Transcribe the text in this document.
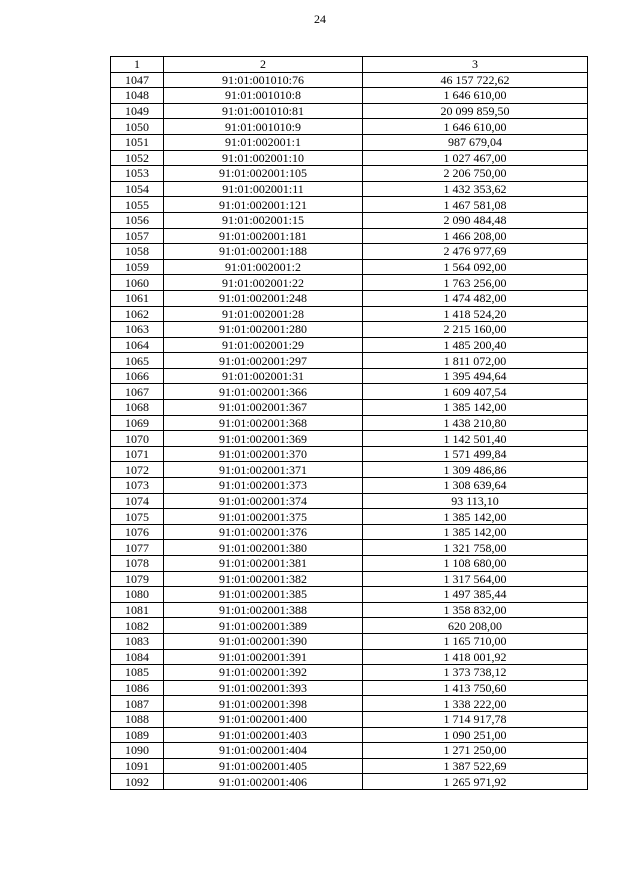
24
1	2	3
1047	91:01:001010:76	46 157 722,62
1048	91:01:001010:8	1 646 610,00
1049	91:01:001010:81	20 099 859,50
1050	91:01:001010:9	1 646 610,00
1051	91:01:002001:1	987 679,04
1052	91:01:002001:10	1 027 467,00
1053	91:01:002001:105	2 206 750,00
1054	91:01:002001:11	1 432 353,62
1055	91:01:002001:121	1 467 581,08
1056	91:01:002001:15	2 090 484,48
1057	91:01:002001:181	1 466 208,00
1058	91:01:002001:188	2 476 977,69
1059	91:01:002001:2	1 564 092,00
1060	91:01:002001:22	1 763 256,00
1061	91:01:002001:248	1 474 482,00
1062	91:01:002001:28	1 418 524,20
1063	91:01:002001:280	2 215 160,00
1064	91:01:002001:29	1 485 200,40
1065	91:01:002001:297	1 811 072,00
1066	91:01:002001:31	1 395 494,64
1067	91:01:002001:366	1 609 407,54
1068	91:01:002001:367	1 385 142,00
1069	91:01:002001:368	1 438 210,80
1070	91:01:002001:369	1 142 501,40
1071	91:01:002001:370	1 571 499,84
1072	91:01:002001:371	1 309 486,86
1073	91:01:002001:373	1 308 639,64
1074	91:01:002001:374	93 113,10
1075	91:01:002001:375	1 385 142,00
1076	91:01:002001:376	1 385 142,00
1077	91:01:002001:380	1 321 758,00
1078	91:01:002001:381	1 108 680,00
1079	91:01:002001:382	1 317 564,00
1080	91:01:002001:385	1 497 385,44
1081	91:01:002001:388	1 358 832,00
1082	91:01:002001:389	620 208,00
1083	91:01:002001:390	1 165 710,00
1084	91:01:002001:391	1 418 001,92
1085	91:01:002001:392	1 373 738,12
1086	91:01:002001:393	1 413 750,60
1087	91:01:002001:398	1 338 222,00
1088	91:01:002001:400	1 714 917,78
1089	91:01:002001:403	1 090 251,00
1090	91:01:002001:404	1 271 250,00
1091	91:01:002001:405	1 387 522,69
1092	91:01:002001:406	1 265 971,92
